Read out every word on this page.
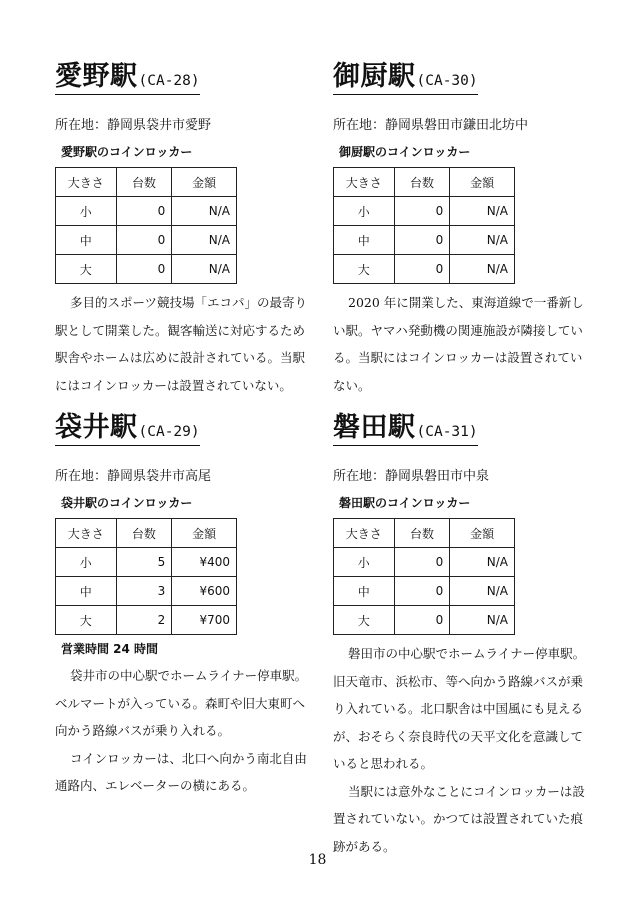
愛野駅 (CA-28)
所在地：静岡県袋井市愛野
愛野駅のコインロッカー
大きさ	台数	金額
小	0	N/A
中	0	N/A
大	0	N/A

多目的スポーツ競技場「エコパ」の最寄り駅として開業した。観客輸送に対応するため駅舎やホームは広めに設計されている。当駅にはコインロッカーは設置されていない。

袋井駅 (CA-29)
所在地：静岡県袋井市高尾
袋井駅のコインロッカー
大きさ	台数	金額
小	5	¥400
中	3	¥600
大	2	¥700
営業時間 24 時間

袋井市の中心駅でホームライナー停車駅。ベルマートが入っている。森町や旧大東町へ向かう路線バスが乗り入れる。

コインロッカーは、北口へ向かう南北自由通路内、エレベーターの横にある。

御厨駅 (CA-30)
所在地：静岡県磐田市鎌田北坊中
御厨駅のコインロッカー
大きさ	台数	金額
小	0	N/A
中	0	N/A
大	0	N/A

2020 年に開業した、東海道線で一番新しい駅。ヤマハ発動機の関連施設が隣接している。当駅にはコインロッカーは設置されていない。

磐田駅 (CA-31)
所在地：静岡県磐田市中泉
磐田駅のコインロッカー
大きさ	台数	金額
小	0	N/A
中	0	N/A
大	0	N/A

磐田市の中心駅でホームライナー停車駅。旧天竜市、浜松市、等へ向かう路線バスが乗り入れている。北口駅舎は中国風にも見えるが、おそらく奈良時代の天平文化を意識していると思われる。

当駅には意外なことにコインロッカーは設置されていない。かつては設置されていた痕跡がある。

18
